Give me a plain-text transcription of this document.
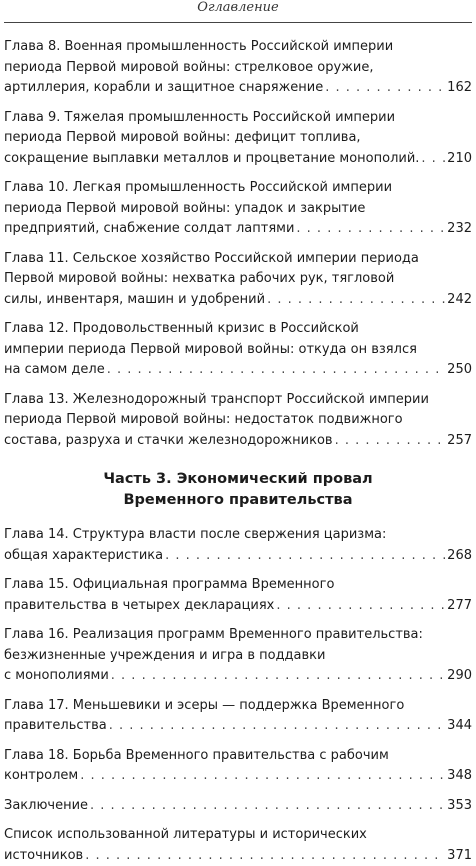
Оглавление
Глава 8. Военная промышленность Российской империи
периода Первой мировой войны: стрелковое оружие,
артиллерия, корабли и защитное снаряжение . . .	162
Глава 9. Тяжелая промышленность Российской империи
периода Первой мировой войны: дефицит топлива,
сокращение выплавки металлов и процветание монополий. . . . 210
Глава 10. Легкая промышленность Российской империи
периода Первой мировой войны: упадок и закрытие
предприятий, снабжение солдат лаптями . . .	232
Глава 11. Сельское хозяйство Российской империи периода
Первой мировой войны: нехватка рабочих рук, тягловой
силы, инвентаря, машин и удобрений . . .	242
Глава 12. Продовольственный кризис в Российской
империи периода Первой мировой войны: откуда он взялся
на самом деле . . .	250
Глава 13. Железнодорожный транспорт Российской империи
периода Первой мировой войны: недостаток подвижного
состава, разруха и стачки железнодорожников . . .	257
Часть 3. Экономический провал
Временного правительства
Глава 14. Структура власти после свержения царизма:
общая характеристика . . .	268
Глава 15. Официальная программа Временного
правительства в четырех декларациях . . .	277
Глава 16. Реализация программ Временного правительства:
безжизненные учреждения и игра в поддавки
с монополиями . . .	290
Глава 17. Меньшевики и эсеры — поддержка Временного
правительства . . .	344
Глава 18. Борьба Временного правительства с рабочим
контролем . . .	348
Заключение . . .	353
Список использованной литературы и исторических
источников . . .	371
